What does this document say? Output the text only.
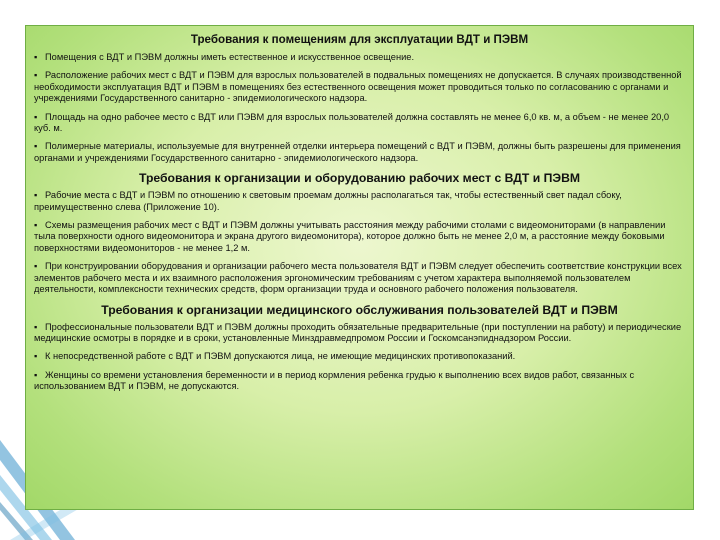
Требования к помещениям для эксплуатации ВДТ и ПЭВМ
▪ Помещения с ВДТ и ПЭВМ должны иметь естественное и искусственное освещение.
▪ Расположение рабочих мест с ВДТ и ПЭВМ для взрослых пользователей в подвальных помещениях не допускается. В случаях производственной необходимости эксплуатация ВДТ и ПЭВМ в помещениях без естественного освещения может проводиться только по согласованию с органами и учреждениями Государственного санитарно - эпидемиологического надзора.
▪ Площадь на одно рабочее место с ВДТ или ПЭВМ для взрослых пользователей должна составлять не менее 6,0 кв. м, а объем - не менее 20,0 куб. м.
▪ Полимерные материалы, используемые для внутренней отделки интерьера помещений с ВДТ и ПЭВМ, должны быть разрешены для применения органами и учреждениями Государственного санитарно - эпидемиологического надзора.
Требования к организации и оборудованию рабочих мест с ВДТ и ПЭВМ
▪ Рабочие места с ВДТ и ПЭВМ по отношению к световым проемам должны располагаться так, чтобы естественный свет падал сбоку, преимущественно слева (Приложение 10).
▪ Схемы размещения рабочих мест с ВДТ и ПЭВМ должны учитывать расстояния между рабочими столами с видеомониторами (в направлении тыла поверхности одного видеомонитора и экрана другого видеомонитора), которое должно быть не менее 2,0 м, а расстояние между боковыми поверхностями видеомониторов - не менее 1,2 м.
▪ При конструировании оборудования и организации рабочего места пользователя ВДТ и ПЭВМ следует обеспечить соответствие конструкции всех элементов рабочего места и их взаимного расположения эргономическим требованиям с учетом характера выполняемой пользователем деятельности, комплексности технических средств, форм организации труда и основного рабочего положения пользователя.
Требования к организации медицинского обслуживания пользователей ВДТ и ПЭВМ
▪ Профессиональные пользователи ВДТ и ПЭВМ должны проходить обязательные предварительные (при поступлении на работу) и периодические медицинские осмотры в порядке и в сроки, установленные Минздравмедпромом России и Госкомсанэпиднадзором России.
▪ К непосредственной работе с ВДТ и ПЭВМ допускаются лица, не имеющие медицинских противопоказаний.
▪ Женщины со времени установления беременности и в период кормления ребенка грудью к выполнению всех видов работ, связанных с использованием ВДТ и ПЭВМ, не допускаются.
